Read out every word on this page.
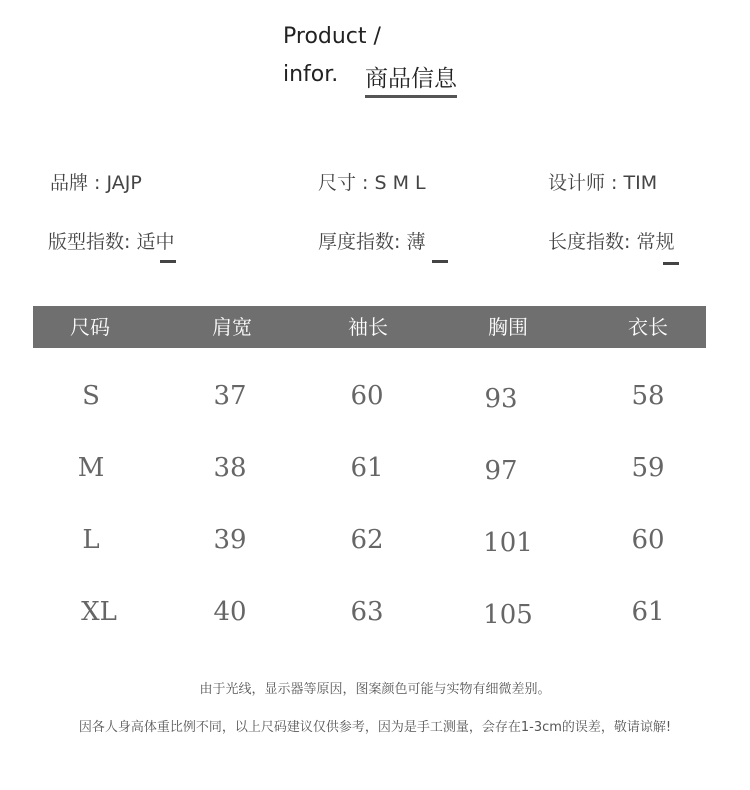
Product /
infor. 商品信息
品牌 : JAJP	尺寸 : S M L	设计师 : TIM
版型指数: 适中	厚度指数: 薄	长度指数: 常规
尺码	肩宽	袖长	胸围	衣长
S	37	60	93	58
M	38	61	97	59
L	39	62	101	60
XL	40	63	105	61
由于光线，显示器等原因，图案颜色可能与实物有细微差别。
因各人身高体重比例不同，以上尺码建议仅供参考，因为是手工测量，会存在1-3cm的误差，敬请谅解!
